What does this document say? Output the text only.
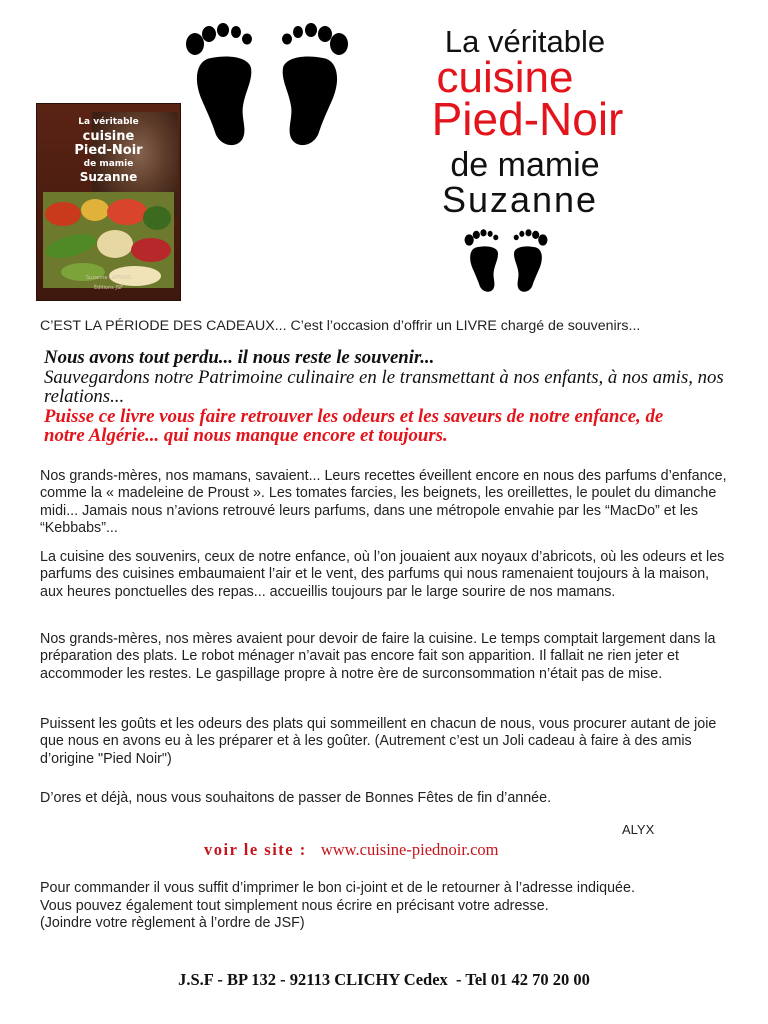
La véritable
cuisine
Pied-Noir
de mamie
Suzanne
La véritable
cuisine
Pied-Noir
de mamie
Suzanne
Suzanne LAFFANS
Éditions JSF
C’EST LA PÉRIODE DES CADEAUX... C’est l’occasion d’offrir un LIVRE chargé de souvenirs...
Nous avons tout perdu... il nous reste le souvenir...
Sauvegardons notre Patrimoine culinaire en le transmettant à nos enfants, à nos amis, nos relations...
Puisse ce livre vous faire retrouver les odeurs et les saveurs de notre enfance, de notre Algérie... qui nous manque encore et toujours.

Nos grands-mères, nos mamans, savaient... Leurs recettes éveillent encore en nous des parfums d’enfance, comme la « madeleine de Proust ». Les tomates farcies, les beignets, les oreillettes, le poulet du dimanche midi... Jamais nous n’avions retrouvé leurs parfums, dans une métropole envahie par les “MacDo” et les “Kebbabs”...

La cuisine des souvenirs, ceux de notre enfance, où l’on jouaient aux noyaux d’abricots, où les odeurs et les parfums des cuisines embaumaient l’air et le vent, des parfums qui nous ramenaient toujours à la maison, aux heures ponctuelles des repas... accueillis toujours par le large sourire de nos mamans.

Nos grands-mères, nos mères avaient pour devoir de faire la cuisine. Le temps comptait largement dans la préparation des plats. Le robot ménager n’avait pas encore fait son apparition. Il fallait ne rien jeter et accommoder les restes. Le gaspillage propre à notre ère de surconsommation n’était pas de mise.

Puissent les goûts et les odeurs des plats qui sommeillent en chacun de nous, vous procurer autant de joie que nous en avons eu à les préparer et à les goûter. (Autrement c’est un Joli cadeau à faire à des amis d’origine "Pied Noir")

D’ores et déjà, nous vous souhaitons de passer de Bonnes Fêtes de fin d’année.

ALYX
voir le site : www.cuisine-piednoir.com
Pour commander il vous suffit d’imprimer le bon ci-joint et de le retourner à l’adresse indiquée.
Vous pouvez également tout simplement nous écrire en précisant votre adresse.
(Joindre votre règlement à l’ordre de JSF)
J.S.F - BP 132 - 92113 CLICHY Cedex  - Tel 01 42 70 20 00
